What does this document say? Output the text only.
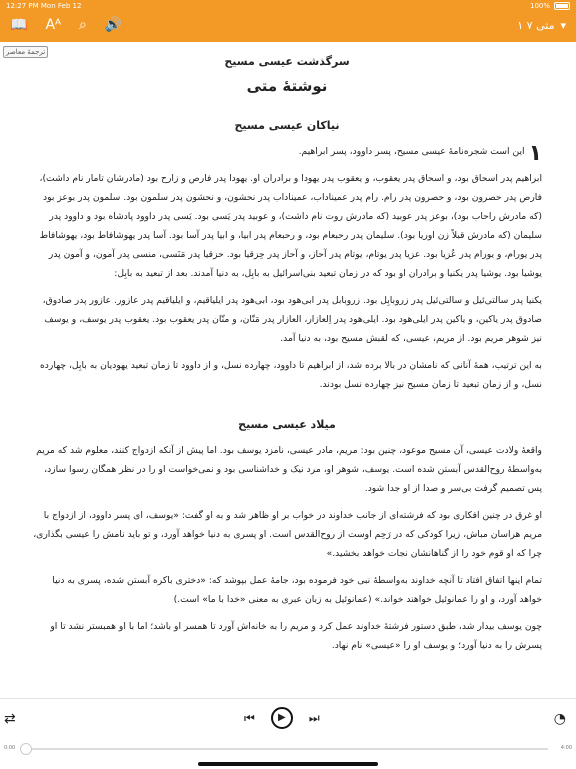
12:27 PM Mon Feb 12	100%
📖 Aᴬ ⌕ 🔊	▾
متی ۷ ۱
ترجمۀ معاصر
سرگذشت عیسی مسیح
نوشتۀ متی
نیاکان عیسی مسیح

۱
این است شجره‌نامۀ عیسی مسیح، پسر داوود، پسر ابراهیم.

ابراهیم پدر اسحاق بود، و اسحاق پدر یعقوب، و یعقوب پدر یهودا و برادران او. یهودا پدر فارص و زارح بود (مادرشان تامار نام داشت)، فارص پدر حصرون بود، و حصرون پدر رام. رام پدر عمیناداب، عمیناداب پدر نحشون، و نحشون پدر سلمون بود. سلمون پدر بوعز بود (که مادرش راحاب بود)، بوعز پدر عوبید (که مادرش روت نام داشت)، و عوبید پدر یَسی بود. یَسی پدر داوود پادشاه بود و داوود پدر سلیمان (که مادرش قبلاً زن اوریا بود). سلیمان پدر رحبعام بود، و رحبعام پدر ابیا، و ابیا پدر آسا بود. آسا پدر یهوشافاط بود، یهوشافاط پدر یورام، و یورام پدر عُزیا بود. عزیا پدر یوتام، یوتام پدر آحاز، و آحاز پدر حِزقیا بود. حزقیا پدر مَنَسی، منسی پدر آمون، و آمون پدر یوشیا بود. یوشیا پدر یکنیا و برادران او بود که در زمان تبعید بنی‌اسرائیل به بابِل، به دنیا آمدند. بعد از تبعید به بابِل:

یکنیا پدر سالتی‌ئیل و سالتی‌ئیل پدر زروبابِل بود. زروبابل پدر ابی‌هود بود، ابی‌هود پدر ایلیاقیم، و ایلیاقیم پدر عازور. عازور پدر صادوق، صادوق پدر یاکین، و یاکین پدر ایلی‌هود بود. ایلی‌هود پدر اِلعازار، العازار پدر مَتّان، و متّان پدر یعقوب بود. یعقوب پدر یوسف، و یوسف نیز شوهر مریم بود. از مریم، عیسی، که لقبش مسیح بود، به دنیا آمد.

به این ترتیب، همۀ آنانی که نامشان در بالا برده شد، از ابراهیم تا داوود، چهارده نسل، و از داوود تا زمان تبعید یهودیان به بابِل، چهارده نسل، و از زمان تبعید تا زمان مسیح نیز چهارده نسل بودند.

میلاد عیسی مسیح

واقعۀ ولادت عیسی، آن مسیح موعود، چنین بود: مریم، مادر عیسی، نامزد یوسف بود. اما پیش از آنکه ازدواج کنند، معلوم شد که مریم به‌واسطۀ روح‌القدس آبستن شده است. یوسف، شوهر او، مرد نیک و خداشناسی بود و نمی‌خواست او را در نظر همگان رسوا سازد، پس تصمیم گرفت بی‌سر و صدا از او جدا شود.

او غرق در چنین افکاری بود که فرشته‌ای از جانب خداوند در خواب بر او ظاهر شد و به او گفت: «یوسف، ای پسر داوود، از ازدواج با مریم هراسان مباش، زیرا کودکی که در رَحِم اوست از روح‌القدس است. او پسری به دنیا خواهد آورد، و تو باید نامش را عیسی بگذاری، چرا که او قوم خود را از گناهانشان نجات خواهد بخشید.»

تمام اینها اتفاق افتاد تا آنچه خداوند به‌واسطۀ نبی خود فرموده بود، جامۀ عمل بپوشد که: «دختری باکره آبستن شده، پسری به دنیا خواهد آورد، و او را عمانوئیل خواهند خواند.» (عمانوئیل به زبان عبری به معنی «خدا با ما» است.)

چون یوسف بیدار شد، طبق دستور فرشتۀ خداوند عمل کرد و مریم را به خانه‌اش آورد تا همسر او باشد؛ اما با او همبستر نشد تا او پسرش را به دنیا آورد؛ و یوسف او را «عیسی» نام نهاد.

⇄	⏮	▶	⏭	◔
0:00	4:00
